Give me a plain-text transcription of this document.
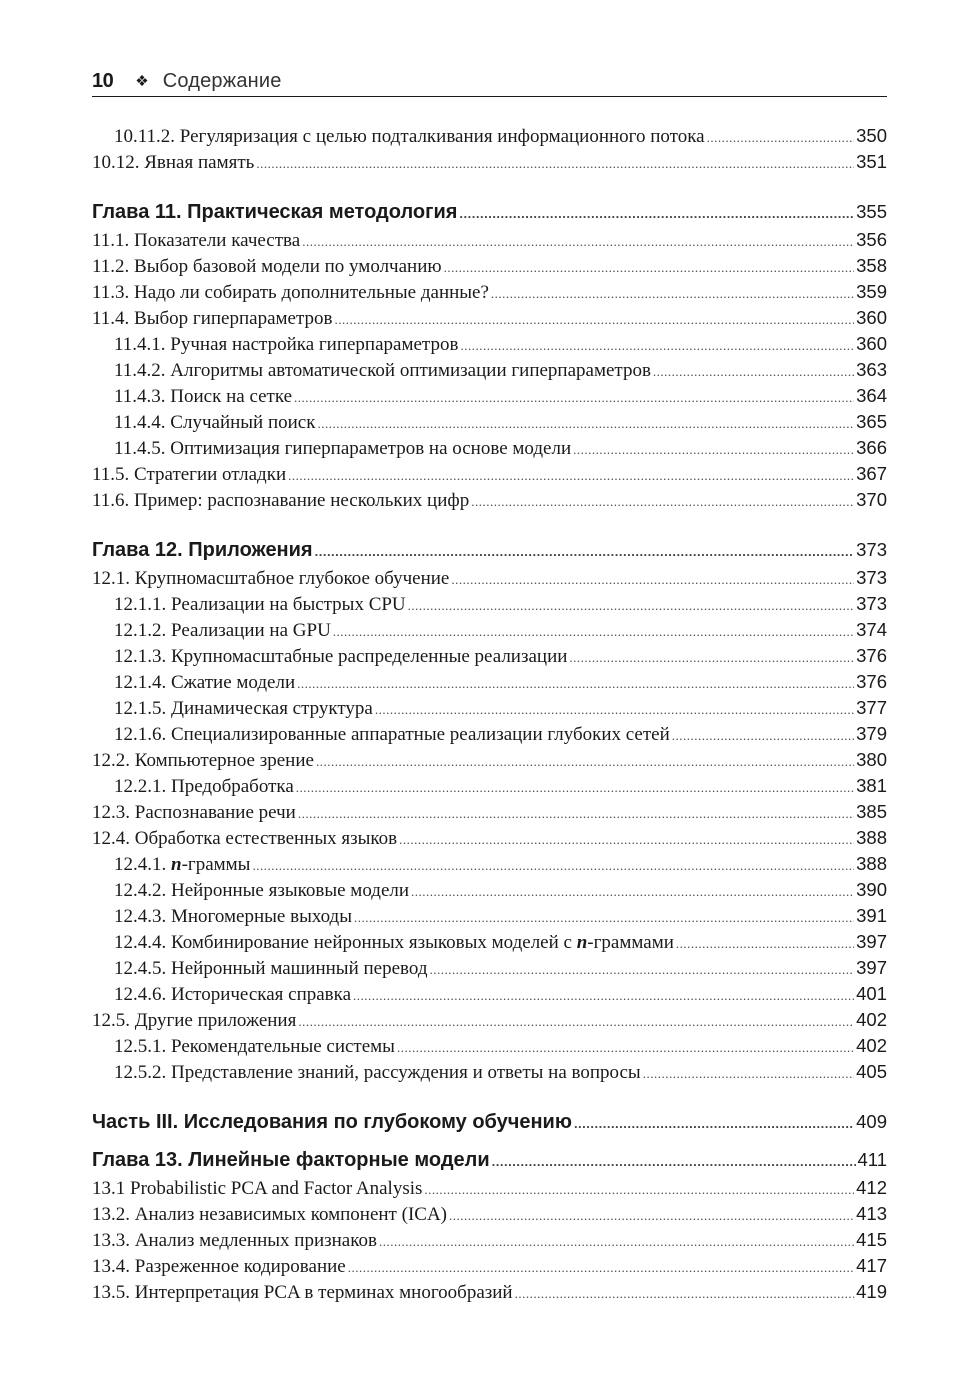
10 ❖ Содержание
10.11.2. Регуляризация с целью подталкивания информационного потока .....	350
10.12. Явная память .....	351
Глава 11. Практическая методология .....	355
11.1. Показатели качества .....	356
11.2. Выбор базовой модели по умолчанию .....	358
11.3. Надо ли собирать дополнительные данные? .....	359
11.4. Выбор гиперпараметров .....	360
11.4.1. Ручная настройка гиперпараметров .....	360
11.4.2. Алгоритмы автоматической оптимизации гиперпараметров .....	363
11.4.3. Поиск на сетке .....	364
11.4.4. Случайный поиск .....	365
11.4.5. Оптимизация гиперпараметров на основе модели .....	366
11.5. Стратегии отладки .....	367
11.6. Пример: распознавание нескольких цифр .....	370
Глава 12. Приложения .....	373
12.1. Крупномасштабное глубокое обучение .....	373
12.1.1. Реализации на быстрых CPU .....	373
12.1.2. Реализации на GPU .....	374
12.1.3. Крупномасштабные распределенные реализации .....	376
12.1.4. Сжатие модели .....	376
12.1.5. Динамическая структура .....	377
12.1.6. Специализированные аппаратные реализации глубоких сетей .....	379
12.2. Компьютерное зрение .....	380
12.2.1. Предобработка .....	381
12.3. Распознавание речи .....	385
12.4. Обработка естественных языков .....	388
12.4.1. n-граммы .....	388
12.4.2. Нейронные языковые модели .....	390
12.4.3. Многомерные выходы .....	391
12.4.4. Комбинирование нейронных языковых моделей с n-граммами .....	397
12.4.5. Нейронный машинный перевод .....	397
12.4.6. Историческая справка .....	401
12.5. Другие приложения .....	402
12.5.1. Рекомендательные системы .....	402
12.5.2. Представление знаний, рассуждения и ответы на вопросы .....	405
Часть III. Исследования по глубокому обучению .....	409
Глава 13. Линейные факторные модели .....	411
13.1 Probabilistic PCA and Factor Analysis .....	412
13.2. Анализ независимых компонент (ICA) .....	413
13.3. Анализ медленных признаков .....	415
13.4. Разреженное кодирование .....	417
13.5. Интерпретация PCA в терминах многообразий .....	419
